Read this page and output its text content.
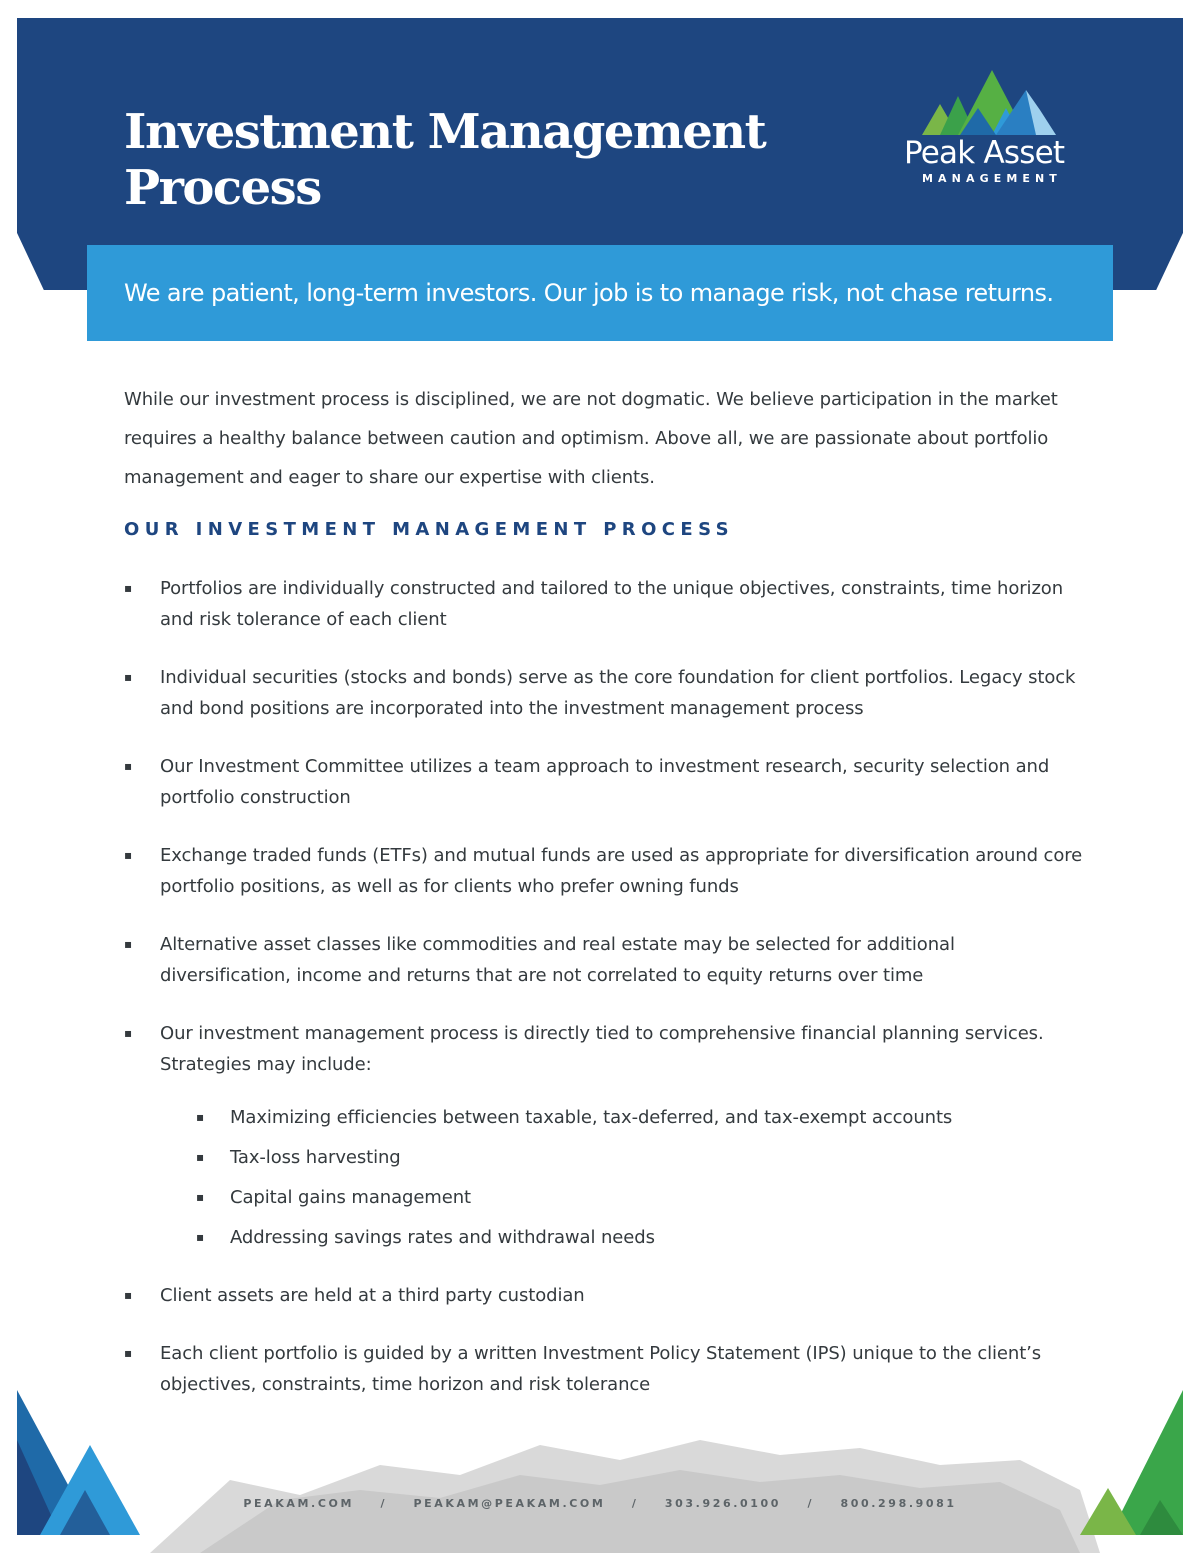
Investment Management
Process
Peak Asset
MANAGEMENT
We are patient, long-term investors. Our job is to manage risk, not chase returns.

While our investment process is disciplined, we are not dogmatic. We believe participation in the market requires a healthy balance between caution and optimism. Above all, we are passionate about portfolio management and eager to share our expertise with clients.

OUR INVESTMENT MANAGEMENT PROCESS
▪ Portfolios are individually constructed and tailored to the unique objectives, constraints, time horizon and risk tolerance of each client
▪ Individual securities (stocks and bonds) serve as the core foundation for client portfolios. Legacy stock and bond positions are incorporated into the investment management process
▪ Our Investment Committee utilizes a team approach to investment research, security selection and portfolio construction
▪ Exchange traded funds (ETFs) and mutual funds are used as appropriate for diversification around core portfolio positions, as well as for clients who prefer owning funds
▪ Alternative asset classes like commodities and real estate may be selected for additional diversification, income and returns that are not correlated to equity returns over time
▪ Our investment management process is directly tied to comprehensive financial planning services. Strategies may include:
▪ Maximizing efficiencies between taxable, tax-deferred, and tax-exempt accounts
▪ Tax-loss harvesting
▪ Capital gains management
▪ Addressing savings rates and withdrawal needs
▪ Client assets are held at a third party custodian
▪ Each client portfolio is guided by a written Investment Policy Statement (IPS) unique to the client’s objectives, constraints, time horizon and risk tolerance
PEAKAM.COM / PEAKAM@PEAKAM.COM / 303.926.0100 / 800.298.9081
